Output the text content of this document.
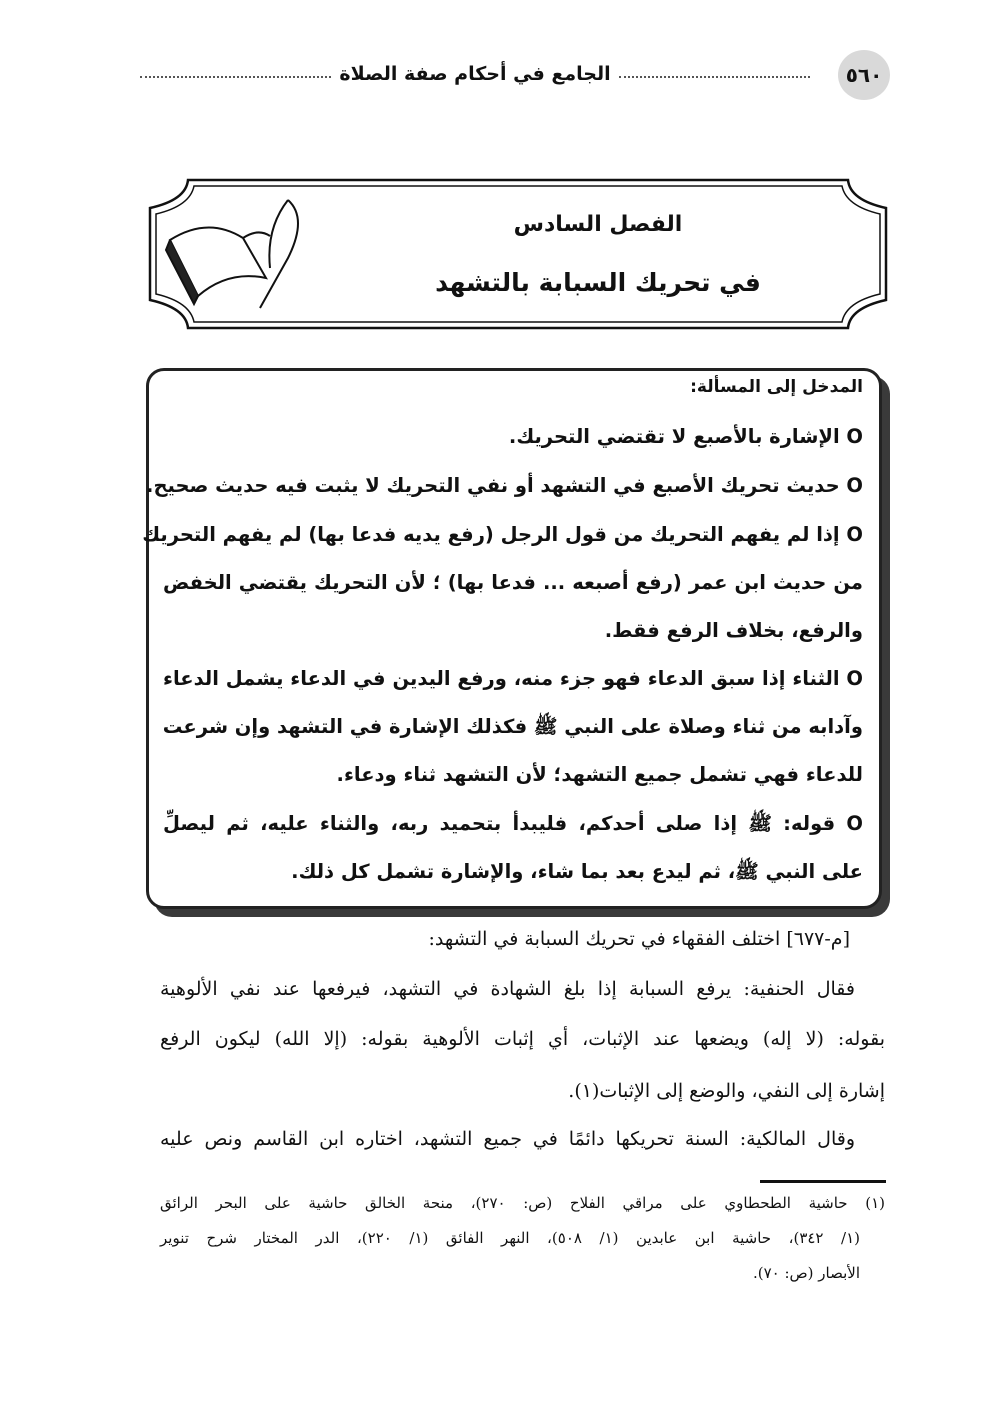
٥٦٠
الجامع في أحكام صفة الصلاة
الفصل السادس
في تحريك السبابة بالتشهد
المدخل إلى المسألة:
O الإشارة بالأصبع لا تقتضي التحريك.
O حديث تحريك الأصبع في التشهد أو نفي التحريك لا يثبت فيه حديث صحيح.
O إذا لم يفهم التحريك من قول الرجل (رفع يديه فدعا بها) لم يفهم التحريك
من حديث ابن عمر (رفع أصبعه ... فدعا بها) ؛ لأن التحريك يقتضي الخفض
والرفع، بخلاف الرفع فقط.
O الثناء إذا سبق الدعاء فهو جزء منه، ورفع اليدين في الدعاء يشمل الدعاء
وآدابه من ثناء وصلاة على النبي ﷺ فكذلك الإشارة في التشهد وإن شرعت
للدعاء فهي تشمل جميع التشهد؛ لأن التشهد ثناء ودعاء.
O قوله: ﷺ إذا صلى أحدكم، فليبدأ بتحميد ربه، والثناء عليه، ثم ليصلِّ
على النبي ﷺ، ثم ليدع بعد بما شاء، والإشارة تشمل كل ذلك.
[م-٦٧٧] اختلف الفقهاء في تحريك السبابة في التشهد:
فقال الحنفية: يرفع السبابة إذا بلغ الشهادة في التشهد، فيرفعها عند نفي الألوهية
بقوله: (لا إله) ويضعها عند الإثبات، أي إثبات الألوهية بقوله: (إلا الله) ليكون الرفع
إشارة إلى النفي، والوضع إلى الإثبات(١).
وقال المالكية: السنة تحريكها دائمًا في جميع التشهد، اختاره ابن القاسم ونص عليه
(١) حاشية الطحطاوي على مراقي الفلاح (ص: ٢٧٠)، منحة الخالق حاشية على البحر الرائق
(١/ ٣٤٢)، حاشية ابن عابدين (١/ ٥٠٨)، النهر الفائق (١/ ٢٢٠)، الدر المختار شرح تنوير
الأبصار (ص: ٧٠).
